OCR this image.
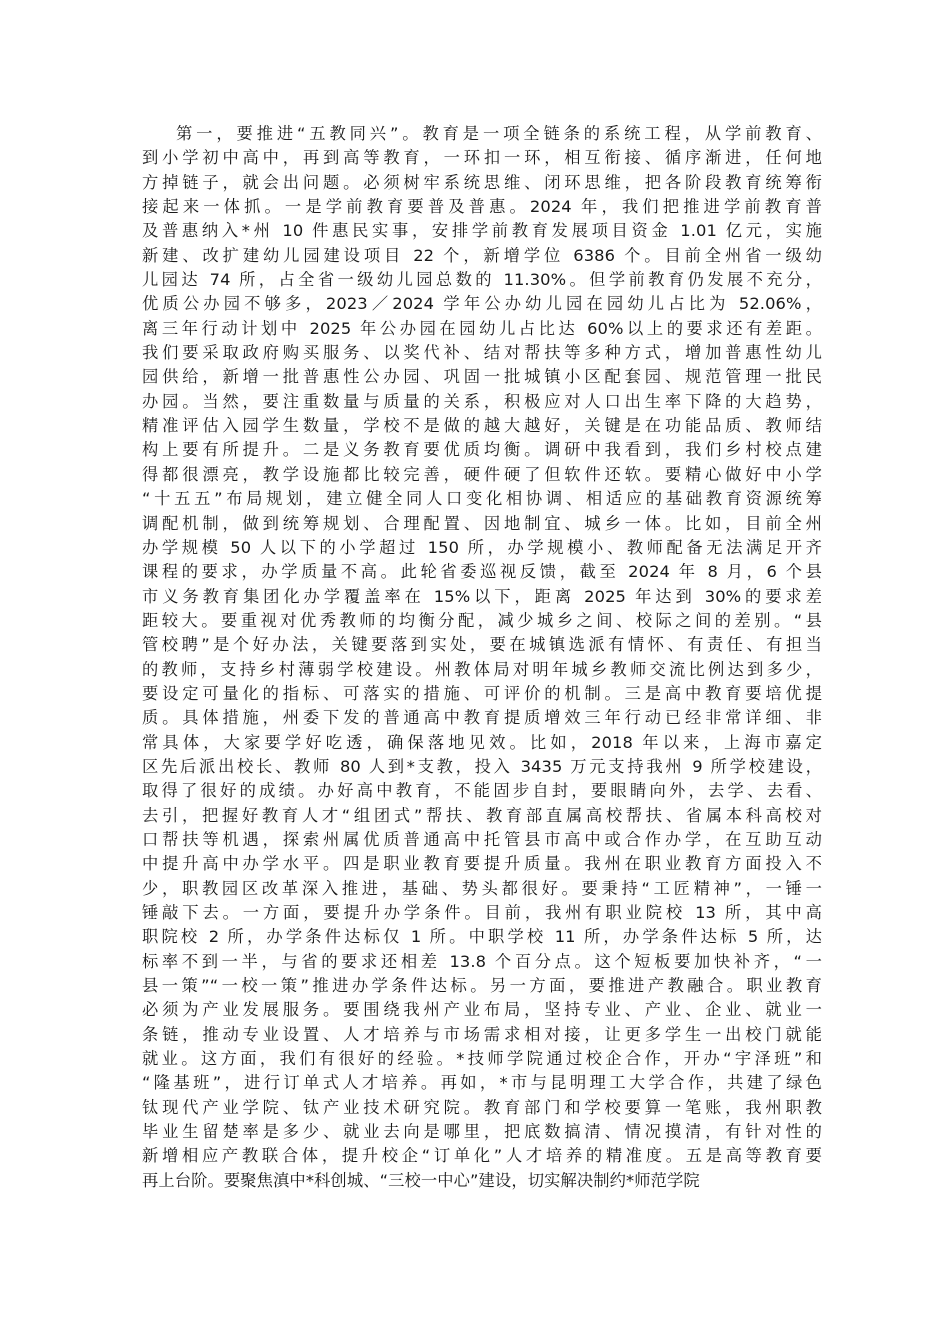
第一，要推进“五教同兴”。教育是一项全链条的系统工程，从学前教育、
到小学初中高中，再到高等教育，一环扣一环，相互衔接、循序渐进，任何地
方掉链子，就会出问题。必须树牢系统思维、闭环思维，把各阶段教育统筹衔
接起来一体抓。一是学前教育要普及普惠。2024 年，我们把推进学前教育普
及普惠纳入*州 10 件惠民实事，安排学前教育发展项目资金 1.01 亿元，实施
新建、改扩建幼儿园建设项目 22 个，新增学位 6386 个。目前全州省一级幼
儿园达 74 所，占全省一级幼儿园总数的 11.30%。但学前教育仍发展不充分，
优质公办园不够多，2023／2024 学年公办幼儿园在园幼儿占比为 52.06%，
离三年行动计划中 2025 年公办园在园幼儿占比达 60%以上的要求还有差距。
我们要采取政府购买服务、以奖代补、结对帮扶等多种方式，增加普惠性幼儿
园供给，新增一批普惠性公办园、巩固一批城镇小区配套园、规范管理一批民
办园。当然，要注重数量与质量的关系，积极应对人口出生率下降的大趋势，
精准评估入园学生数量，学校不是做的越大越好，关键是在功能品质、教师结
构上要有所提升。二是义务教育要优质均衡。调研中我看到，我们乡村校点建
得都很漂亮，教学设施都比较完善，硬件硬了但软件还软。要精心做好中小学
“十五五”布局规划，建立健全同人口变化相协调、相适应的基础教育资源统筹
调配机制，做到统筹规划、合理配置、因地制宜、城乡一体。比如，目前全州
办学规模 50 人以下的小学超过 150 所，办学规模小、教师配备无法满足开齐
课程的要求，办学质量不高。此轮省委巡视反馈，截至 2024 年 8 月，6 个县
市义务教育集团化办学覆盖率在 15%以下，距离 2025 年达到 30%的要求差
距较大。要重视对优秀教师的均衡分配，减少城乡之间、校际之间的差别。“县
管校聘”是个好办法，关键要落到实处，要在城镇选派有情怀、有责任、有担当
的教师，支持乡村薄弱学校建设。州教体局对明年城乡教师交流比例达到多少，
要设定可量化的指标、可落实的措施、可评价的机制。三是高中教育要培优提
质。具体措施，州委下发的普通高中教育提质增效三年行动已经非常详细、非
常具体，大家要学好吃透，确保落地见效。比如，2018 年以来，上海市嘉定
区先后派出校长、教师 80 人到*支教，投入 3435 万元支持我州 9 所学校建设，
取得了很好的成绩。办好高中教育，不能固步自封，要眼睛向外，去学、去看、
去引，把握好教育人才“组团式”帮扶、教育部直属高校帮扶、省属本科高校对
口帮扶等机遇，探索州属优质普通高中托管县市高中或合作办学，在互助互动
中提升高中办学水平。四是职业教育要提升质量。我州在职业教育方面投入不
少，职教园区改革深入推进，基础、势头都很好。要秉持“工匠精神”，一锤一
锤敲下去。一方面，要提升办学条件。目前，我州有职业院校 13 所，其中高
职院校 2 所，办学条件达标仅 1 所。中职学校 11 所，办学条件达标 5 所，达
标率不到一半，与省的要求还相差 13.8 个百分点。这个短板要加快补齐，“一
县一策”“一校一策”推进办学条件达标。另一方面，要推进产教融合。职业教育
必须为产业发展服务。要围绕我州产业布局，坚持专业、产业、企业、就业一
条链，推动专业设置、人才培养与市场需求相对接，让更多学生一出校门就能
就业。这方面，我们有很好的经验。*技师学院通过校企合作，开办“宇泽班”和
“隆基班”，进行订单式人才培养。再如，*市与昆明理工大学合作，共建了绿色
钛现代产业学院、钛产业技术研究院。教育部门和学校要算一笔账，我州职教
毕业生留楚率是多少、就业去向是哪里，把底数搞清、情况摸清，有针对性的
新增相应产教联合体，提升校企“订单化”人才培养的精准度。五是高等教育要
再上台阶。要聚焦滇中*科创城、“三校一中心”建设，切实解决制约*师范学院
